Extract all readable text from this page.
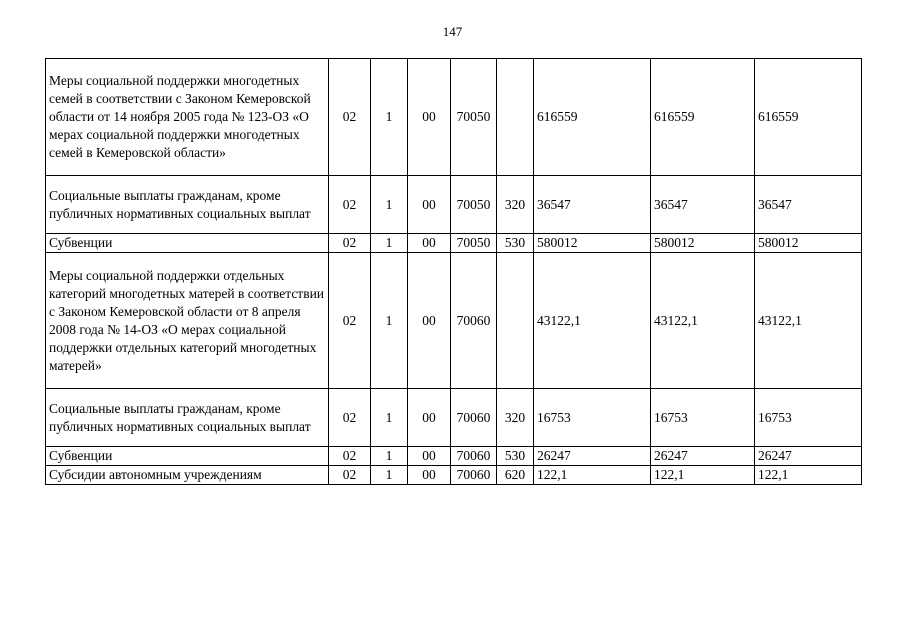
147
Меры социальной поддержки многодетных семей в соответствии с Законом Кемеровской области от 14 ноября 2005 года № 123-ОЗ «О мерах социальной поддержки многодетных семей в Кемеровской области»	02	1	00	70050		616559	616559	616559
Социальные выплаты гражданам, кроме публичных нормативных социальных выплат	02	1	00	70050	320	36547	36547	36547
Субвенции	02	1	00	70050	530	580012	580012	580012
Меры социальной поддержки отдельных категорий многодетных матерей в соответствии с Законом Кемеровской области от 8 апреля 2008 года № 14-ОЗ «О мерах социальной поддержки отдельных категорий многодетных матерей»	02	1	00	70060		43122,1	43122,1	43122,1
Социальные выплаты гражданам, кроме публичных нормативных социальных выплат	02	1	00	70060	320	16753	16753	16753
Субвенции	02	1	00	70060	530	26247	26247	26247
Субсидии автономным учреждениям	02	1	00	70060	620	122,1	122,1	122,1
